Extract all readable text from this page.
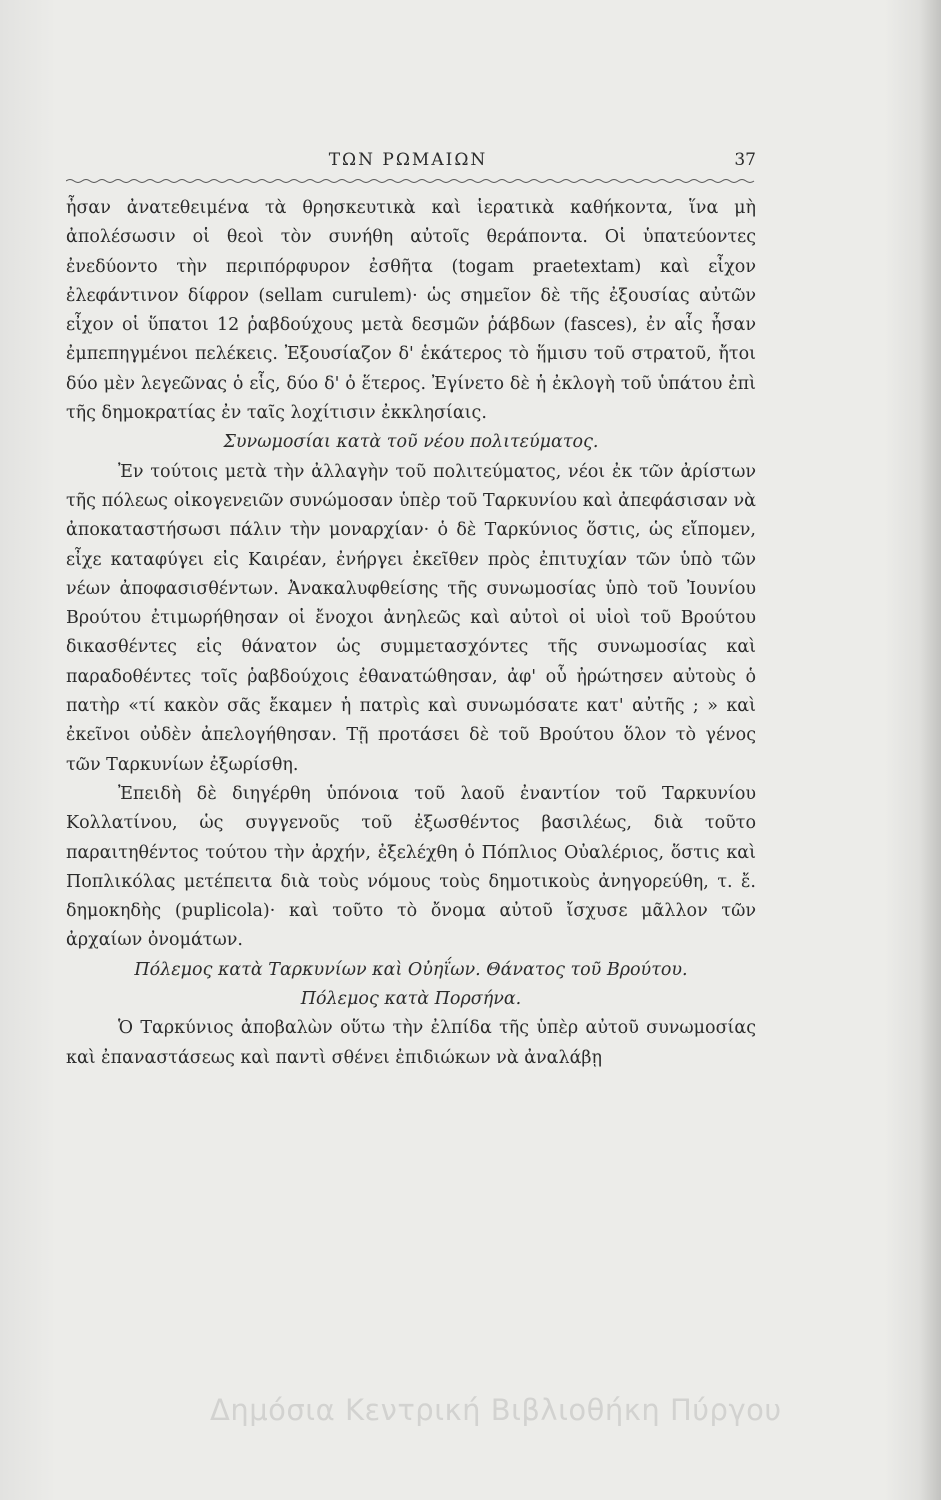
ΤΩΝ ΡΩΜΑΙΩΝ	37

ἦσαν ἀνατεθειμένα τὰ θρησκευτικὰ καὶ ἱερατικὰ καθήκοντα, ἵνα μὴ ἀπολέσωσιν οἱ θεοὶ τὸν συνήθη αὐτοῖς θεράποντα. Οἱ ὑπατεύοντες ἐνεδύοντο τὴν περιπόρφυρον ἐσθῆτα (togam praetextam) καὶ εἶχον ἐλεφάντινον δίφρον (sellam curulem)· ὡς σημεῖον δὲ τῆς ἐξουσίας αὐτῶν εἶχον οἱ ὕπατοι 12 ῥαβδούχους μετὰ δεσμῶν ῥάβδων (fasces), ἐν αἷς ἦσαν ἐμπεπηγμένοι πελέκεις. Ἐξουσίαζον δ' ἑκάτερος τὸ ἥμισυ τοῦ στρατοῦ, ἤτοι δύο μὲν λεγεῶνας ὁ εἷς, δύο δ' ὁ ἕτερος. Ἐγίνετο δὲ ἡ ἐκλογὴ τοῦ ὑπάτου ἐπὶ τῆς δημοκρατίας ἐν ταῖς λοχίτισιν ἐκκλησίαις.

Συνωμοσίαι κατὰ τοῦ νέου πολιτεύματος.

Ἐν τούτοις μετὰ τὴν ἀλλαγὴν τοῦ πολιτεύματος, νέοι ἐκ τῶν ἀρίστων τῆς πόλεως οἰκογενειῶν συνώμοσαν ὑπὲρ τοῦ Ταρκυνίου καὶ ἀπεφάσισαν νὰ ἀποκαταστήσωσι πάλιν τὴν μοναρχίαν· ὁ δὲ Ταρκύνιος ὅστις, ὡς εἴπομεν, εἶχε καταφύγει εἰς Καιρέαν, ἐνήργει ἐκεῖθεν πρὸς ἐπιτυχίαν τῶν ὑπὸ τῶν νέων ἀποφασισθέντων. Ἀνακαλυφθείσης τῆς συνωμοσίας ὑπὸ τοῦ Ἰουνίου Βρούτου ἐτιμωρήθησαν οἱ ἔνοχοι ἀνηλεῶς καὶ αὐτοὶ οἱ υἱοὶ τοῦ Βρούτου δικασθέντες εἰς θάνατον ὡς συμμετασχόντες τῆς συνωμοσίας καὶ παραδοθέντες τοῖς ῥαβδούχοις ἐθανατώθησαν, ἀφ' οὗ ἠρώτησεν αὐτοὺς ὁ πατὴρ «τί κακὸν σᾶς ἔκαμεν ἡ πατρὶς καὶ συνωμόσατε κατ' αὐτῆς ; » καὶ ἐκεῖνοι οὐδὲν ἀπελογήθησαν. Τῇ προτάσει δὲ τοῦ Βρούτου ὅλον τὸ γένος τῶν Ταρκυνίων ἐξωρίσθη.

Ἐπειδὴ δὲ διηγέρθη ὑπόνοια τοῦ λαοῦ ἐναντίον τοῦ Ταρκυνίου Κολλατίνου, ὡς συγγενοῦς τοῦ ἐξωσθέντος βασιλέως, διὰ τοῦτο παραιτηθέντος τούτου τὴν ἀρχήν, ἐξελέχθη ὁ Πόπλιος Οὐαλέριος, ὅστις καὶ Ποπλικόλας μετέπειτα διὰ τοὺς νόμους τοὺς δημοτικοὺς ἀνηγορεύθη, τ. ἔ. δημοκηδὴς (puplicola)· καὶ τοῦτο τὸ ὄνομα αὐτοῦ ἴσχυσε μᾶλλον τῶν ἀρχαίων ὀνομάτων.

Πόλεμος κατὰ Ταρκυνίων καὶ Οὐηΐων. Θάνατος τοῦ Βρούτου.

Πόλεμος κατὰ Πορσήνα.

Ὁ Ταρκύνιος ἀποβαλὼν οὕτω τὴν ἐλπίδα τῆς ὑπὲρ αὐτοῦ συνωμοσίας καὶ ἐπαναστάσεως καὶ παντὶ σθένει ἐπιδιώκων νὰ ἀναλάβῃ

Δημόσια Κεντρική Βιβλιοθήκη Πύργου
